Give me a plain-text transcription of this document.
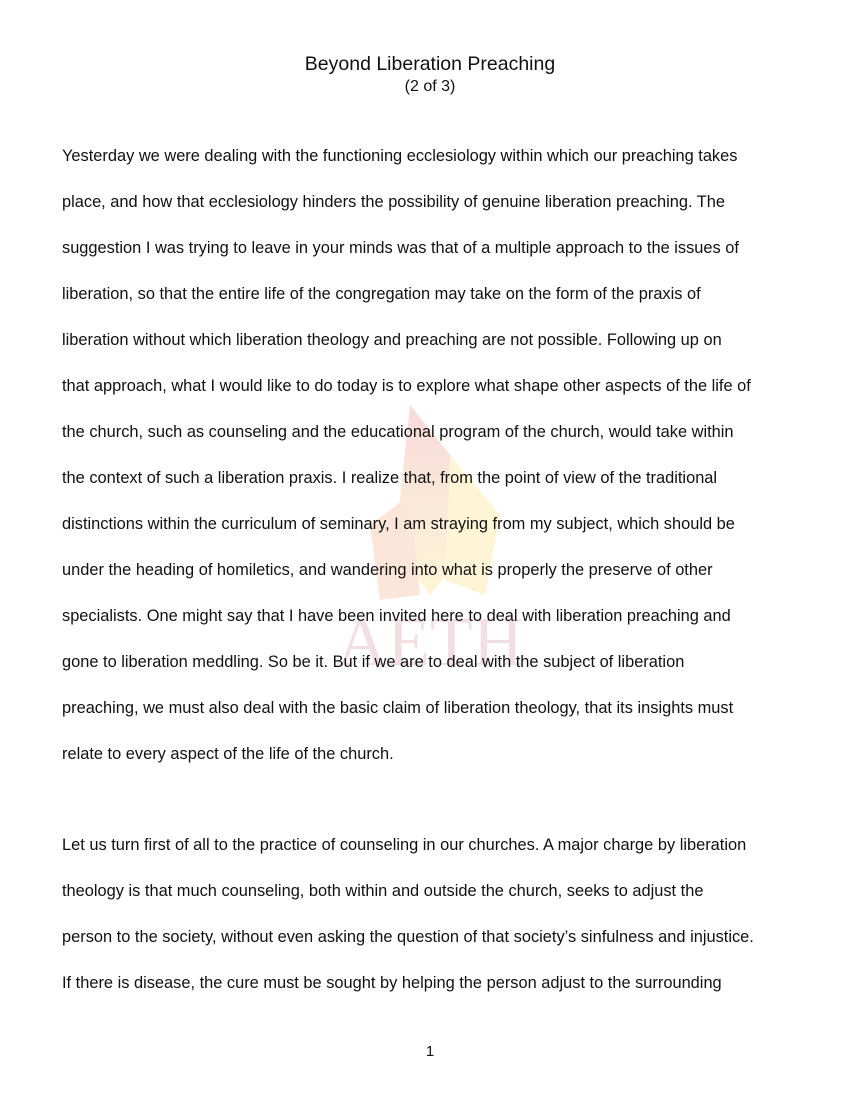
AETH
Beyond Liberation Preaching
(2 of 3)
Yesterday we were dealing with the functioning ecclesiology within which our preaching takes
place, and how that ecclesiology hinders the possibility of genuine liberation preaching. The
suggestion I was trying to leave in your minds was that of a multiple approach to the issues of
liberation, so that the entire life of the congregation may take on the form of the praxis of
liberation without which liberation theology and preaching are not possible. Following up on
that approach, what I would like to do today is to explore what shape other aspects of the life of
the church, such as counseling and the educational program of the church, would take within
the context of such a liberation praxis. I realize that, from the point of view of the traditional
distinctions within the curriculum of seminary, I am straying from my subject, which should be
under the heading of homiletics, and wandering into what is properly the preserve of other
specialists. One might say that I have been invited here to deal with liberation preaching and
gone to liberation meddling. So be it. But if we are to deal with the subject of liberation
preaching, we must also deal with the basic claim of liberation theology, that its insights must
relate to every aspect of the life of the church.
Let us turn first of all to the practice of counseling in our churches. A major charge by liberation
theology is that much counseling, both within and outside the church, seeks to adjust the
person to the society, without even asking the question of that society’s sinfulness and injustice.
If there is disease, the cure must be sought by helping the person adjust to the surrounding
1
